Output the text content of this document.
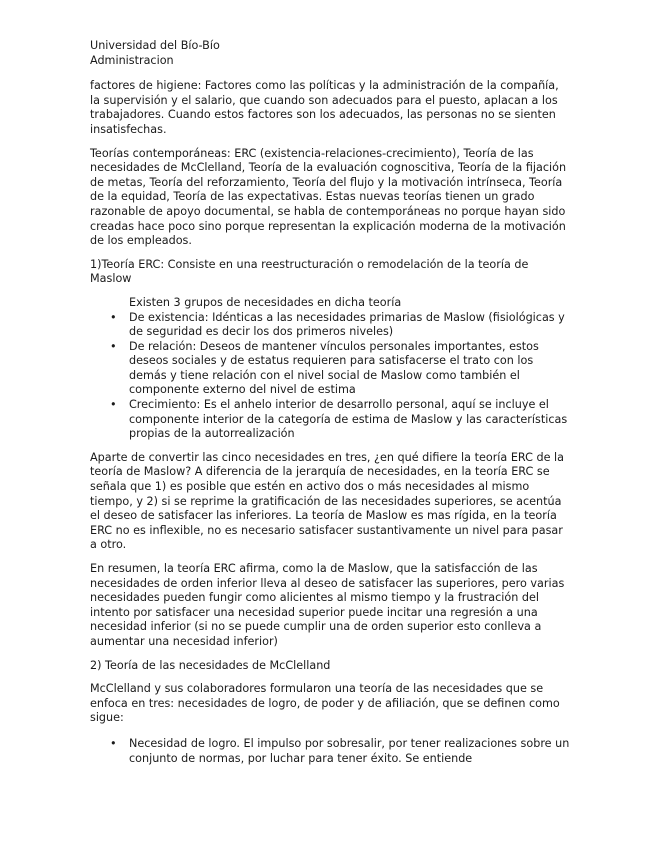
Universidad del Bío-Bío

Administracion

factores de higiene: Factores como las políticas y la administración de la compañía, la supervisión y el salario, que cuando son adecuados para el puesto, aplacan a los trabajadores. Cuando estos factores son los adecuados, las personas no se sienten insatisfechas.

Teorías contemporáneas: ERC (existencia-relaciones-crecimiento), Teoría de las necesidades de McClelland, Teoría de la evaluación cognoscitiva, Teoría de la fijación de metas, Teoría del reforzamiento, Teoría del flujo y la motivación intrínseca, Teoría de la equidad, Teoría de las expectativas. Estas nuevas teorías tienen un grado razonable de apoyo documental, se habla de contemporáneas no porque hayan sido creadas hace poco sino porque representan la explicación moderna de la motivación de los empleados.

1)Teoría ERC: Consiste en una reestructuración o remodelación de la teoría de Maslow

Existen 3 grupos de necesidades en dicha teoría

• De existencia: Idénticas a las necesidades primarias de Maslow (fisiológicas y de seguridad es decir los dos primeros niveles)
• De relación: Deseos de mantener vínculos personales importantes, estos deseos sociales y de estatus requieren para satisfacerse el trato con los demás y tiene relación con el nivel social de Maslow como también el componente externo del nivel de estima
• Crecimiento: Es el anhelo interior de desarrollo personal, aquí se incluye el componente interior de la categoría de estima de Maslow y las características propias de la autorrealización

Aparte de convertir las cinco necesidades en tres, ¿en qué difiere la teoría ERC de la teoría de Maslow? A diferencia de la jerarquía de necesidades, en la teoría ERC se señala que 1) es posible que estén en activo dos o más necesidades al mismo tiempo, y 2) si se reprime la gratificación de las necesidades superiores, se acentúa el deseo de satisfacer las inferiores. La teoría de Maslow es mas rígida, en la teoría ERC no es inflexible, no es necesario satisfacer sustantivamente un nivel para pasar a otro.

En resumen, la teoría ERC afirma, como la de Maslow, que la satisfacción de las necesidades de orden inferior lleva al deseo de satisfacer las superiores, pero varias necesidades pueden fungir como alicientes al mismo tiempo y la frustración del intento por satisfacer una necesidad superior puede incitar una regresión a una necesidad inferior (si no se puede cumplir una de orden superior esto conlleva a aumentar una necesidad inferior)

2) Teoría de las necesidades de McClelland

McClelland y sus colaboradores formularon una teoría de las necesidades que se enfoca en tres: necesidades de logro, de poder y de afiliación, que se definen como sigue:

• Necesidad de logro. El impulso por sobresalir, por tener realizaciones sobre un conjunto de normas, por luchar para tener éxito. Se entiende
